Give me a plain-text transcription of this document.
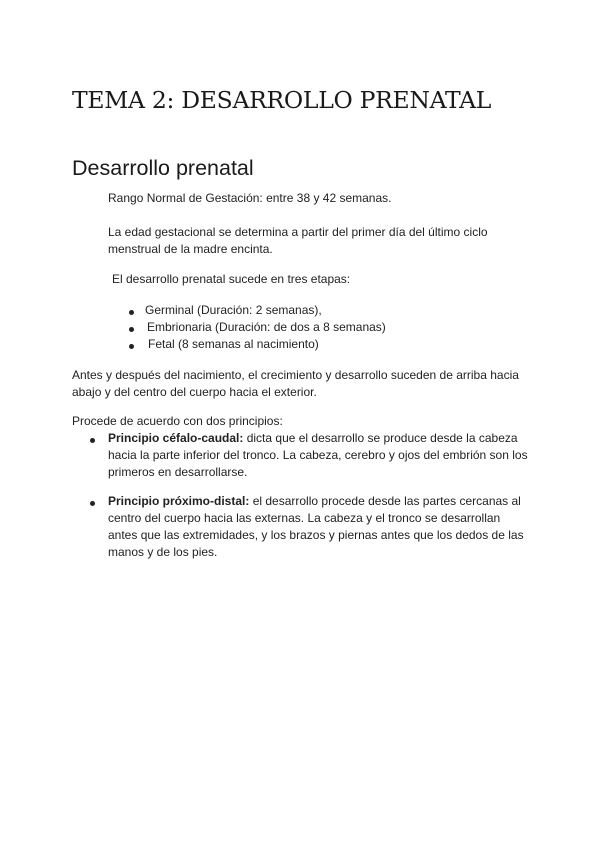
TEMA 2: DESARROLLO PRENATAL
Desarrollo prenatal

Rango Normal de Gestación: entre 38 y 42 semanas.

La edad gestacional se determina a partir del primer día del último ciclo menstrual de la madre encinta.

El desarrollo prenatal sucede en tres etapas:

Germinal (Duración: 2 semanas),

Embrionaria (Duración: de dos a 8 semanas)

Fetal (8 semanas al nacimiento)

Antes y después del nacimiento, el crecimiento y desarrollo suceden de arriba hacia abajo y del centro del cuerpo hacia el exterior.

Procede de acuerdo con dos principios:

Principio céfalo-caudal: dicta que el desarrollo se produce desde la cabeza hacia la parte inferior del tronco. La cabeza, cerebro y ojos del embrión son los primeros en desarrollarse.

Principio próximo-distal: el desarrollo procede desde las partes cercanas al centro del cuerpo hacia las externas. La cabeza y el tronco se desarrollan antes que las extremidades, y los brazos y piernas antes que los dedos de las manos y de los pies.
